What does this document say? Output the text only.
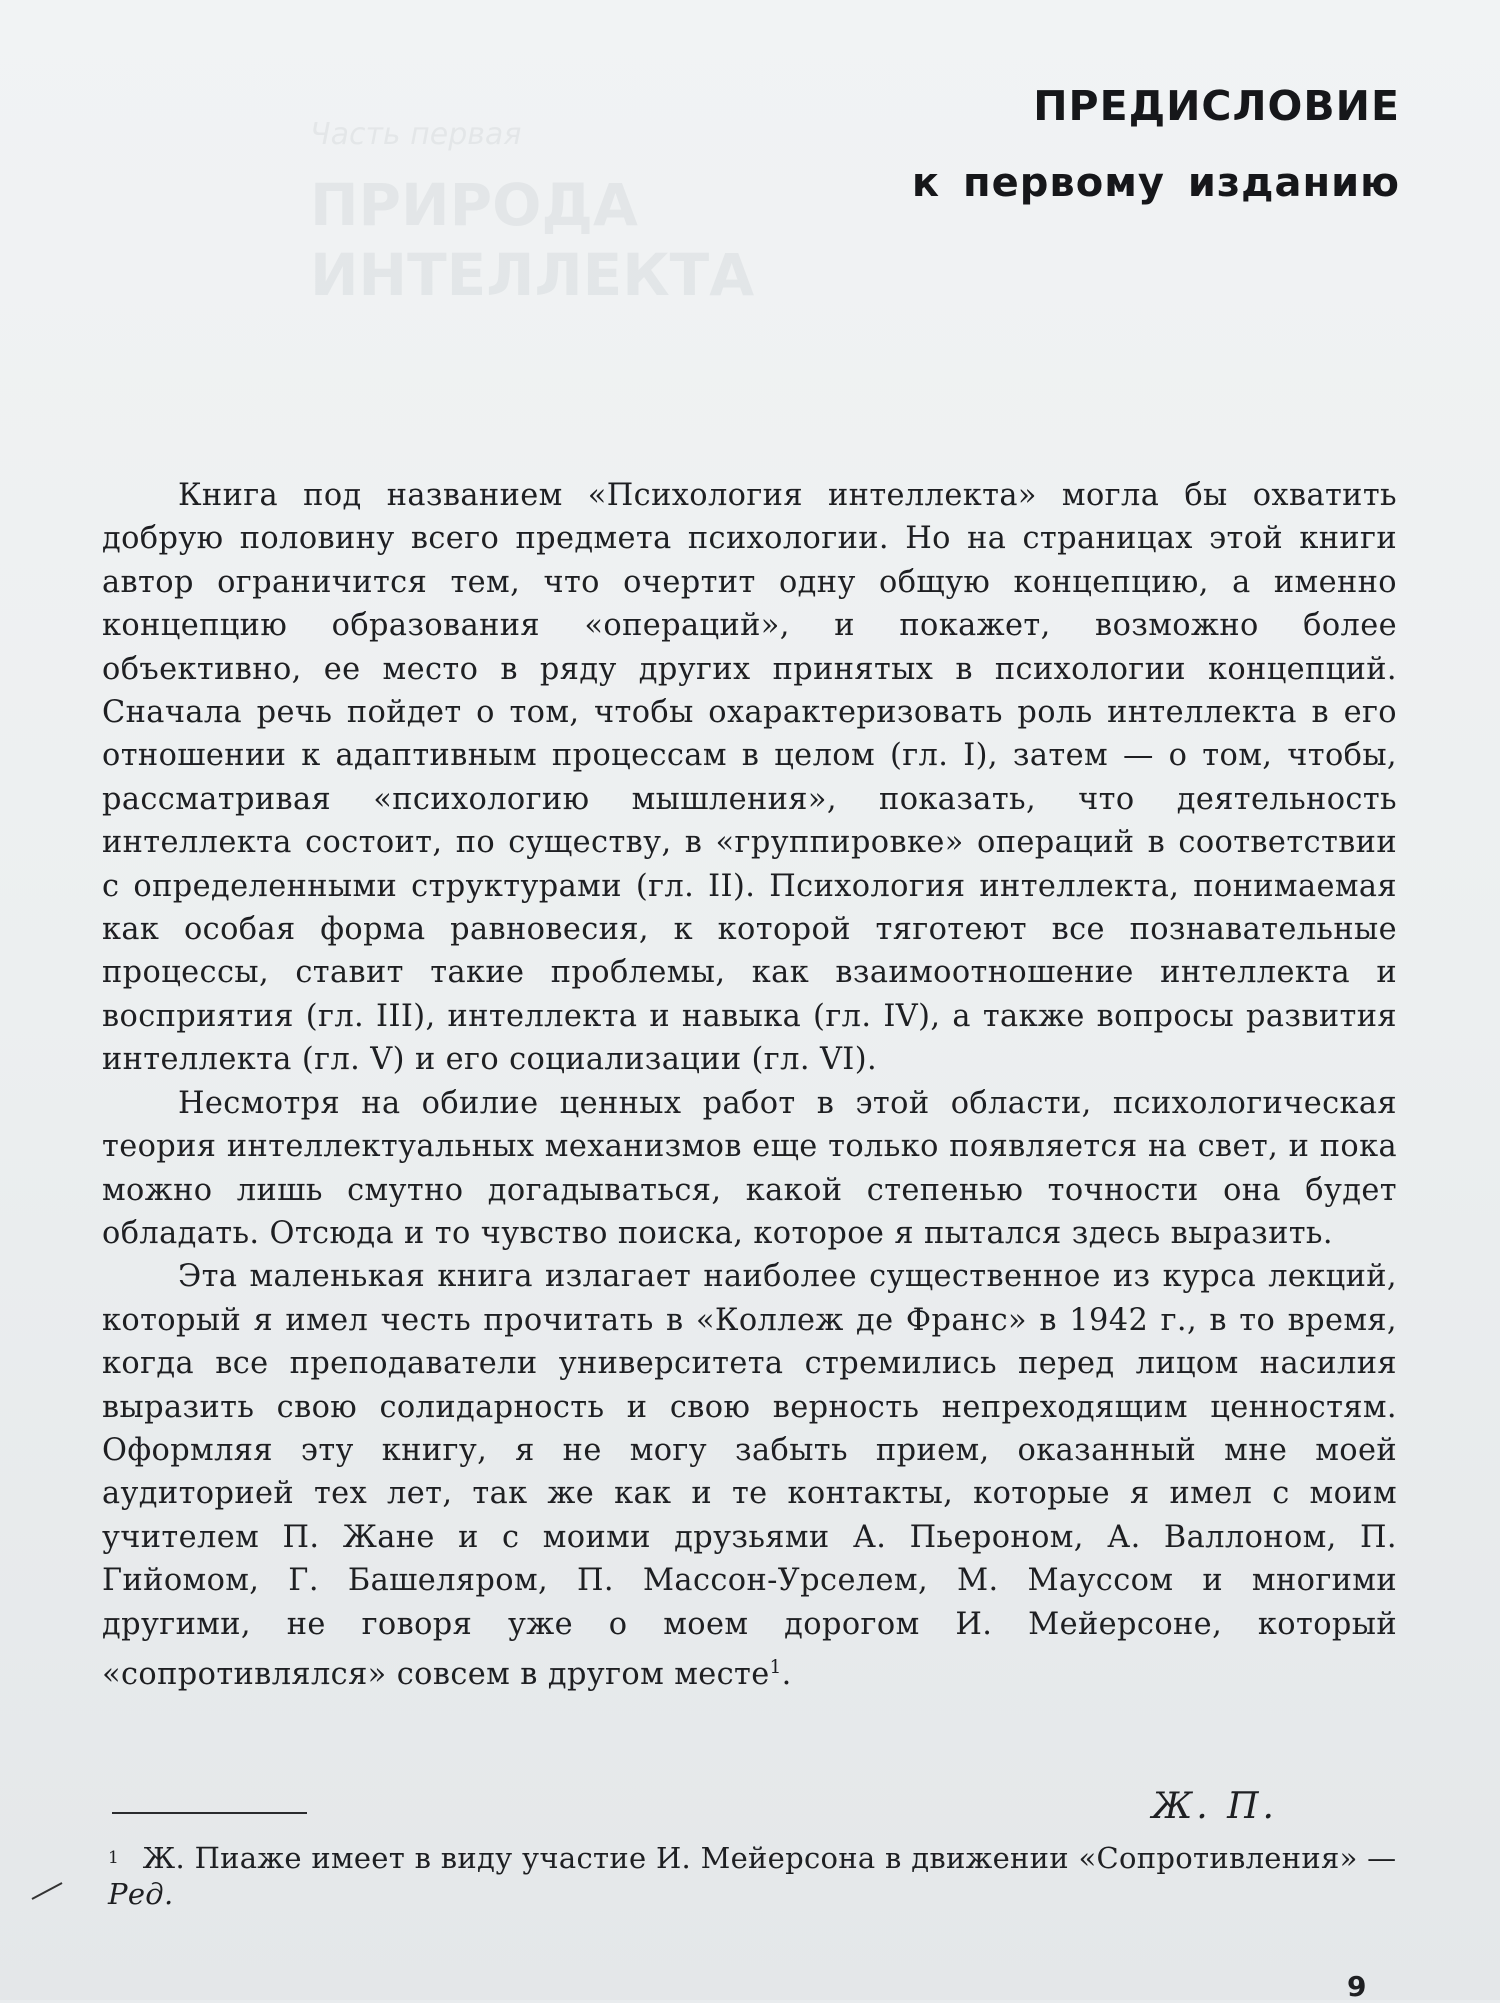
Часть первая
ПРИРОДА
ИНТЕЛЛЕКТА
ПРЕДИСЛОВИЕ
к первому изданию

Книга под названием «Психология интеллекта» могла бы охватить добрую половину всего предмета психологии. Но на страницах этой книги автор ограничится тем, что очертит одну общую концепцию, а именно концепцию образования «операций», и покажет, возможно более объективно, ее место в ряду других принятых в психологии концепций. Сначала речь пойдет о том, чтобы охарактеризовать роль интеллекта в его отношении к адаптивным процессам в целом (гл. I), затем — о том, чтобы, рассматривая «психологию мышления», показать, что деятельность интеллекта состоит, по существу, в «группировке» операций в соответствии с определенными структурами (гл. II). Психология интеллекта, понимаемая как особая форма равновесия, к которой тяготеют все познавательные процессы, ставит такие проблемы, как взаимоотношение интеллекта и восприятия (гл. III), интеллекта и навыка (гл. IV), а также вопросы развития интеллекта (гл. V) и его социализации (гл. VI).

Несмотря на обилие ценных работ в этой области, психологическая теория интеллектуальных механизмов еще только появляется на свет, и пока можно лишь смутно догадываться, какой степенью точности она будет обладать. Отсюда и то чувство поиска, которое я пытался здесь выразить.

Эта маленькая книга излагает наиболее существенное из курса лекций, который я имел честь прочитать в «Коллеж де Франс» в 1942 г., в то время, когда все преподаватели университета стремились перед лицом насилия выразить свою солидарность и свою верность непреходящим ценностям. Оформляя эту книгу, я не могу забыть прием, оказанный мне моей аудиторией тех лет, так же как и те контакты, которые я имел с моим учителем П. Жане и с моими друзьями А. Пьероном, А. Валлоном, П. Гийомом, Г. Башеляром, П. Массон-Урселем, М. Мауссом и многими другими, не говоря уже о моем дорогом И. Мейерсоне, который «сопротивлялся» совсем в другом месте$^1$.

Ж. П.
$^1$ Ж. Пиаже имеет в виду участие И. Мейерсона в движении «Сопротивления» — Ред.
9
